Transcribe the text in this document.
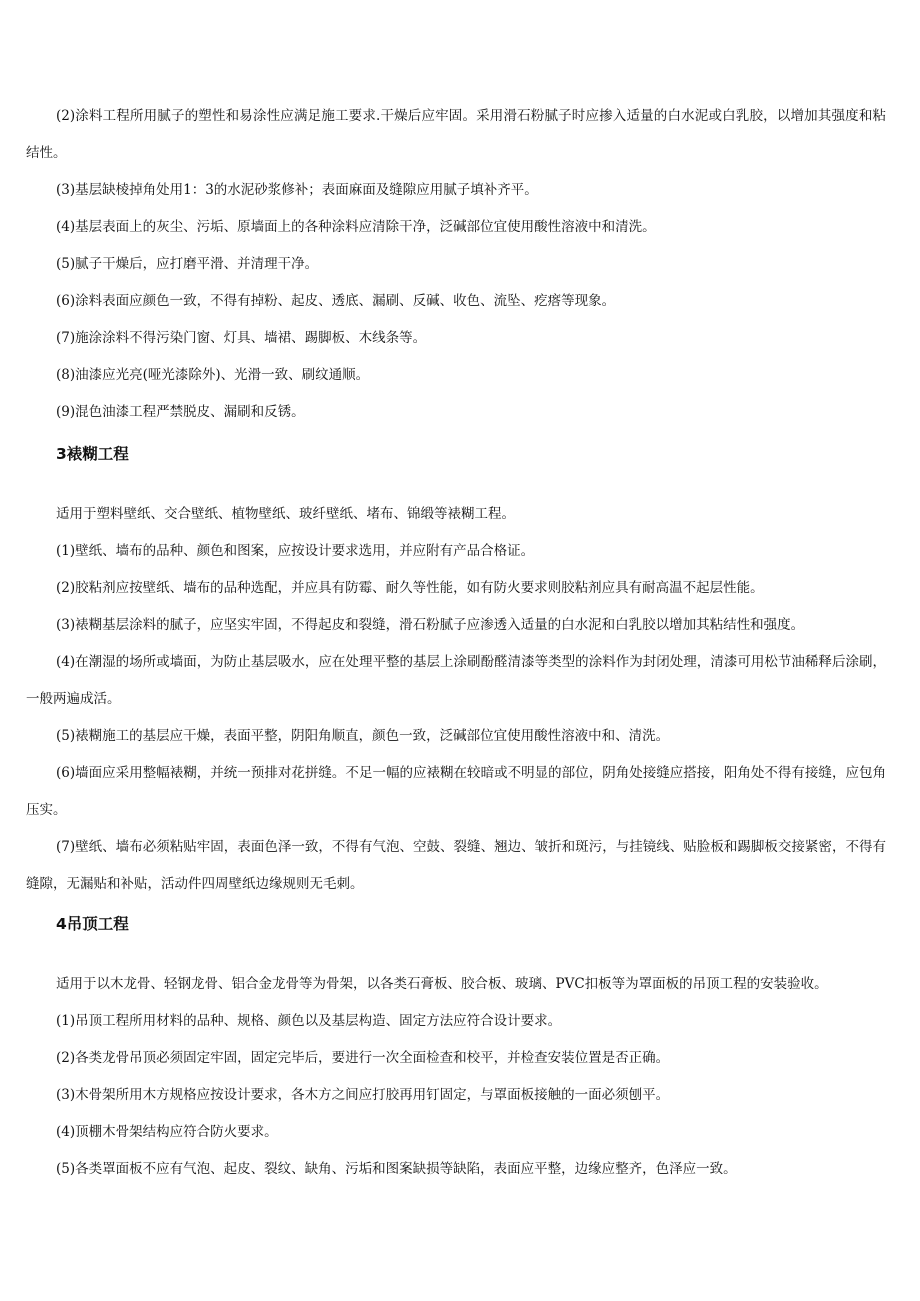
(2)涂料工程所用腻子的塑性和易涂性应满足施工要求.干燥后应牢固。采用滑石粉腻子时应掺入适量的白水泥或白乳胶，以增加其强度和粘结性。

(3)基层缺棱掉角处用1：3的水泥砂浆修补；表面麻面及缝隙应用腻子填补齐平。

(4)基层表面上的灰尘、污垢、原墙面上的各种涂料应清除干净，泛碱部位宜使用酸性溶液中和清洗。

(5)腻子干燥后，应打磨平滑、并清理干净。

(6)涂料表面应颜色一致，不得有掉粉、起皮、透底、漏刷、反碱、收色、流坠、疙瘩等现象。

(7)施涂涂料不得污染门窗、灯具、墙裙、踢脚板、木线条等。

(8)油漆应光亮(哑光漆除外)、光滑一致、刷纹通顺。

(9)混色油漆工程严禁脱皮、漏刷和反锈。

3裱糊工程

适用于塑料壁纸、交合壁纸、植物壁纸、玻纤壁纸、堵布、锦缎等裱糊工程。

(1)壁纸、墙布的品种、颜色和图案，应按设计要求选用，并应附有产品合格证。

(2)胶粘剂应按壁纸、墙布的品种选配，并应具有防霉、耐久等性能，如有防火要求则胶粘剂应具有耐高温不起层性能。

(3)裱糊基层涂料的腻子，应坚实牢固，不得起皮和裂缝，滑石粉腻子应渗透入适量的白水泥和白乳胶以增加其粘结性和强度。

(4)在潮湿的场所或墙面，为防止基层吸水，应在处理平整的基层上涂刷酚醛清漆等类型的涂料作为封闭处理，清漆可用松节油稀释后涂刷，一般两遍成活。

(5)裱糊施工的基层应干燥，表面平整，阴阳角顺直，颜色一致，泛碱部位宜使用酸性溶液中和、清洗。

(6)墙面应采用整幅裱糊，并统一预排对花拼缝。不足一幅的应裱糊在较暗或不明显的部位，阴角处接缝应搭接，阳角处不得有接缝，应包角压实。

(7)壁纸、墙布必须粘贴牢固，表面色泽一致，不得有气泡、空鼓、裂缝、翘边、皱折和斑污，与挂镜线、贴脸板和踢脚板交接紧密，不得有缝隙，无漏贴和补贴，活动件四周壁纸边缘规则无毛刺。

4吊顶工程

适用于以木龙骨、轻钢龙骨、铝合金龙骨等为骨架，以各类石膏板、胶合板、玻璃、PVC扣板等为罩面板的吊顶工程的安装验收。

(1)吊顶工程所用材料的品种、规格、颜色以及基层构造、固定方法应符合设计要求。

(2)各类龙骨吊顶必须固定牢固，固定完毕后，要进行一次全面检查和校平，并检查安装位置是否正确。

(3)木骨架所用木方规格应按设计要求，各木方之间应打胶再用钉固定，与罩面板接触的一面必须刨平。

(4)顶棚木骨架结构应符合防火要求。

(5)各类罩面板不应有气泡、起皮、裂纹、缺角、污垢和图案缺损等缺陷，表面应平整，边缘应整齐，色泽应一致。
